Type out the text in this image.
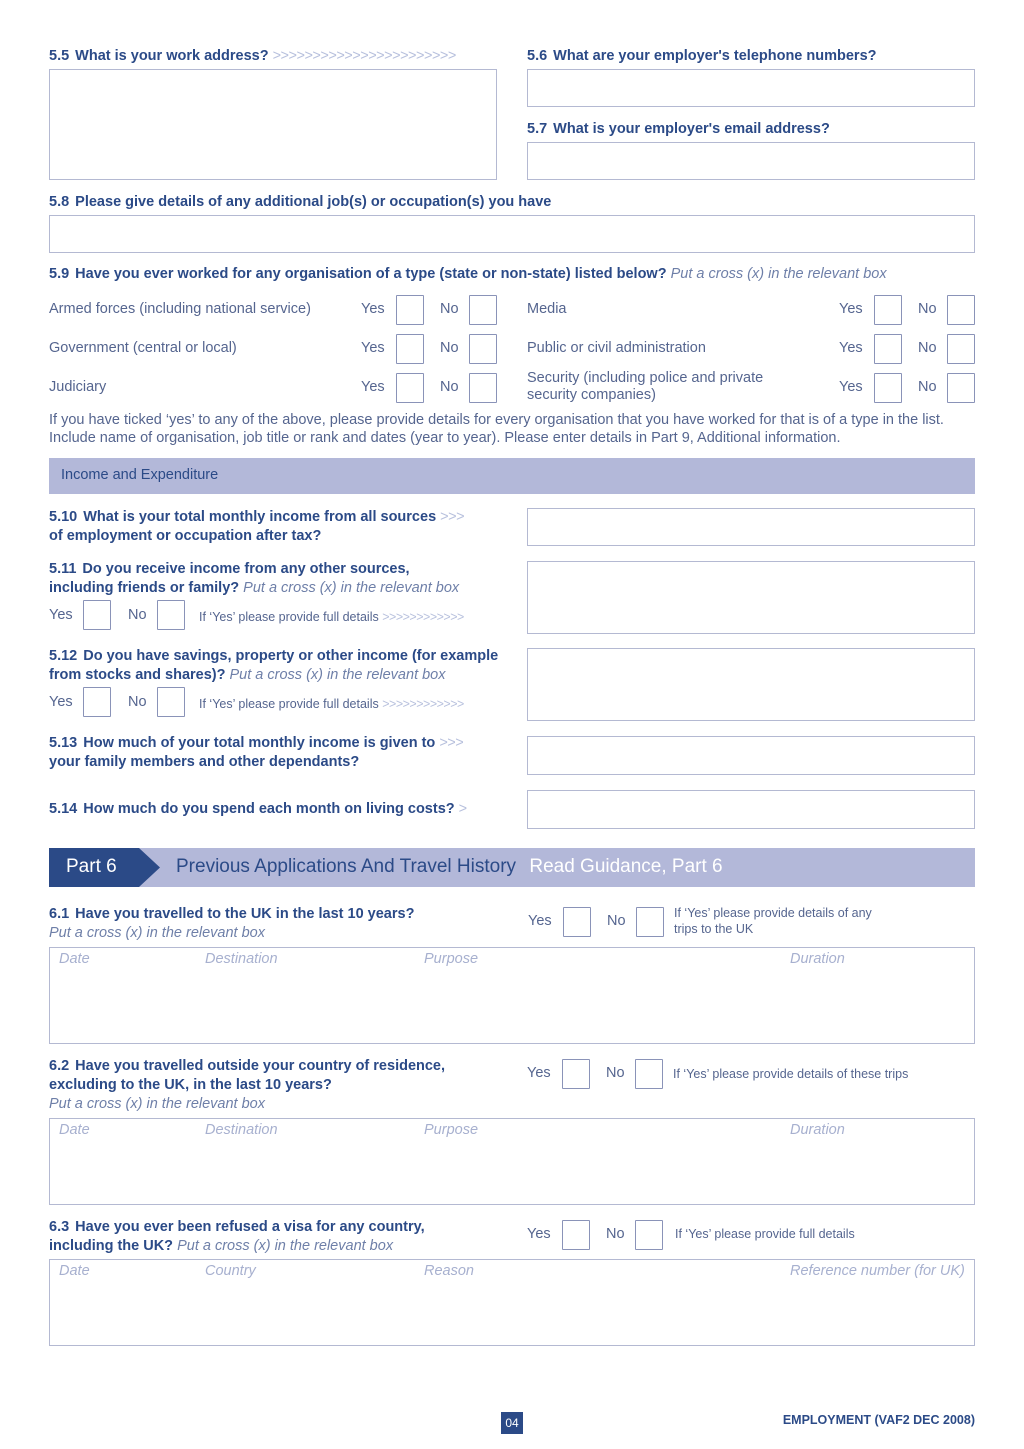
5.5 What is your work address? >>>>>>>>>>>>>>>>>>>>>>>	5.6 What are your employer's telephone numbers?
5.7 What is your employer's email address?
5.8 Please give details of any additional job(s) or occupation(s) you have
5.9 Have you ever worked for any organisation of a type (state or non-state) listed below? Put a cross (x) in the relevant box
Armed forces (including national service)	Yes	No
Government (central or local)	Yes	No
Judiciary	Yes	No
Media	Yes	No
Public or civil administration	Yes	No
Security (including police and private
security companies)	Yes	No
If you have ticked ‘yes’ to any of the above, please provide details for every organisation that you have worked for that is of a type in the list. Include name of organisation, job title or rank and dates (year to year). Please enter details in Part 9, Additional information.
Income and Expenditure
5.10 What is your total monthly income from all sources >>>
of employment or occupation after tax?
5.11 Do you receive income from any other sources,
including friends or family? Put a cross (x) in the relevant box
Yes	No	If ‘Yes’ please provide full details >>>>>>>>>>>>
5.12 Do you have savings, property or other income (for example
from stocks and shares)? Put a cross (x) in the relevant box
Yes	No	If ‘Yes’ please provide full details >>>>>>>>>>>>
5.13 How much of your total monthly income is given to >>>
your family members and other dependants?
5.14 How much do you spend each month on living costs? >
Part 6	Previous Applications And Travel History Read Guidance, Part 6
6.1 Have you travelled to the UK in the last 10 years?
Put a cross (x) in the relevant box
Yes	No	If ‘Yes’ please provide details of any
trips to the UK
Date	Destination	Purpose	Duration
6.2 Have you travelled outside your country of residence,
excluding to the UK, in the last 10 years?
Put a cross (x) in the relevant box
Yes	No	If ‘Yes’ please provide details of these trips
Date	Destination	Purpose	Duration
6.3 Have you ever been refused a visa for any country,
including the UK? Put a cross (x) in the relevant box
Yes	No	If ‘Yes’ please provide full details
Date	Country	Reason	Reference number (for UK)
04	EMPLOYMENT (VAF2 DEC 2008)
